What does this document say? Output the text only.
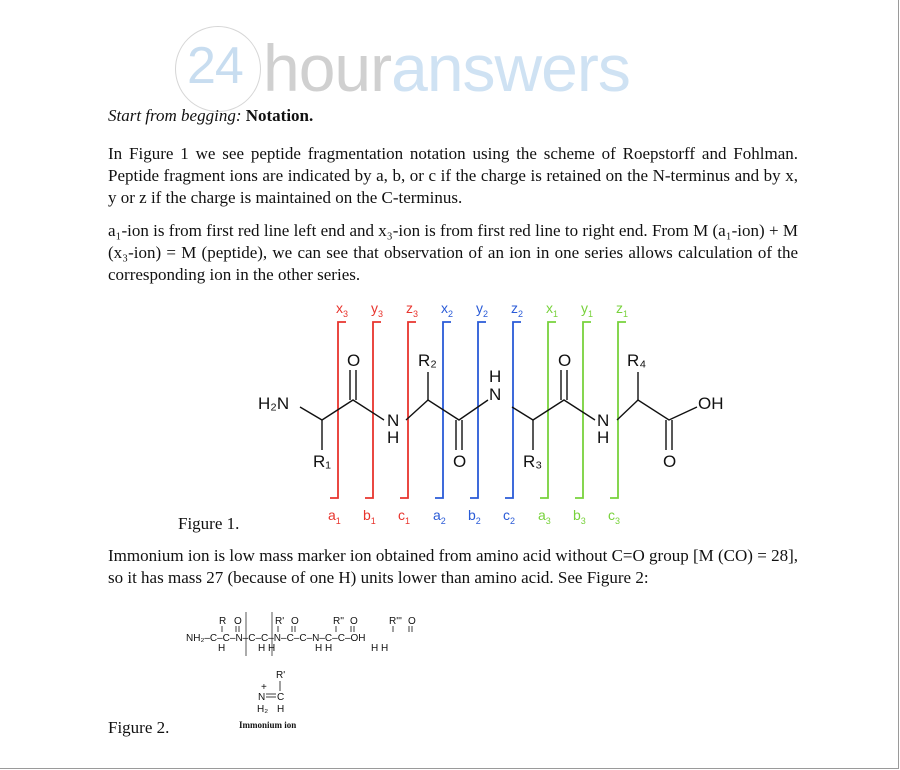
24 houranswers
Start from begging: Notation.
In Figure 1 we see peptide fragmentation notation using the scheme of Roepstorff and Fohlman. Peptide fragment ions are indicated by a, b, or c if the charge is retained on the N-terminus and by x, y or z if the charge is maintained on the C-terminus.
a₁-ion is from first red line left end and x₃-ion is from first red line to right end. From M (a₁-ion) + M (x₃-ion) = M (peptide), we can see that observation of an ion in one series allows calculation of the corresponding ion in the other series.
H₂N	OH
O
O
O
O
N
H
H
N
N
H
R₁
R₂
R₃
R₄
$x_3$ $y_3$ $z_3$ $x_2$ $y_2$ $z_2$ $x_1$ $y_1$ $z_1$
$a_1$ $b_1$ $c_1$ $a_2$ $b_2$ $c_2$ $a_3$ $b_3$ $c_3$
Figure 1.
Immonium ion is low mass marker ion obtained from amino acid without C=O group [M (CO) = 28], so it has mass 27 (because of one H) units lower than amino acid. See Figure 2:
R O	R' O	R'' O	R''' O
NH₂–C–C–N–C–C–N–C–C–N–C–C–OH
H	H H	H H	H H
R'
+
N C
H₂ H
Immonium ion
Figure 2.
